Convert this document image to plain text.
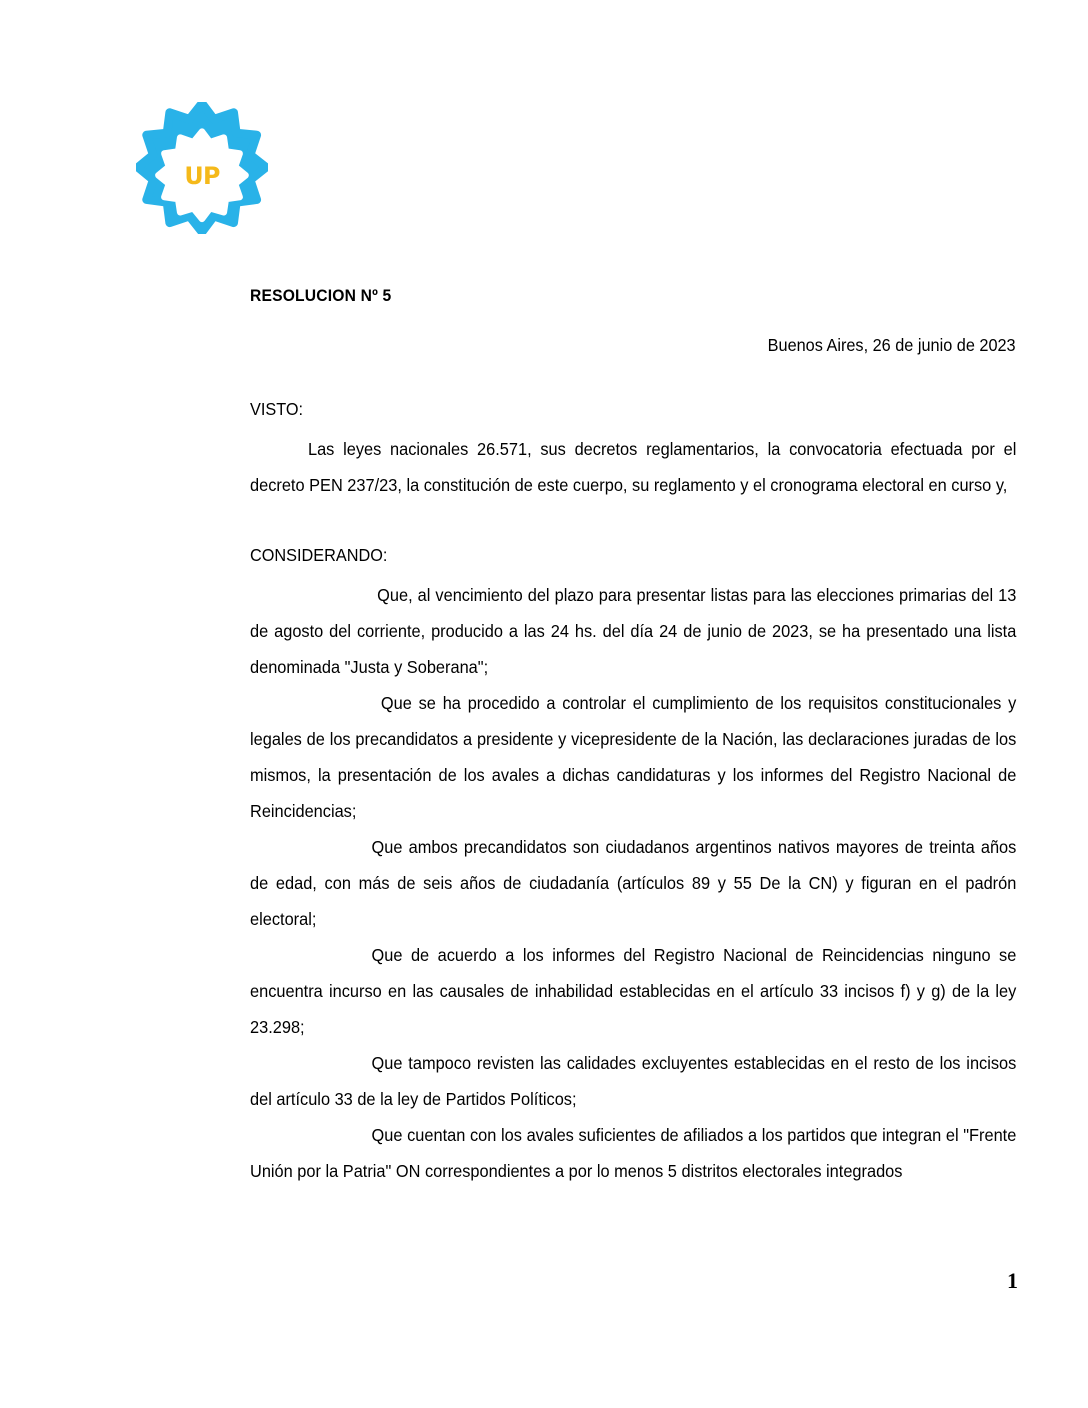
UP
RESOLUCION Nº 5
Buenos Aires, 26 de junio de 2023
VISTO:

Las leyes nacionales 26.571, sus decretos reglamentarios, la convocatoria efectuada por el decreto PEN 237/23, la constitución de este cuerpo, su reglamento y el cronograma electoral en curso y,

CONSIDERANDO:

Que, al vencimiento del plazo para presentar listas para las elecciones primarias del 13 de agosto del corriente, producido a las 24 hs. del día 24 de junio de 2023, se ha presentado una lista denominada "Justa y Soberana";

Que se ha procedido a controlar el cumplimiento de los requisitos constitucionales y legales de los precandidatos a presidente y vicepresidente de la Nación, las declaraciones juradas de los mismos, la presentación de los avales a dichas candidaturas y los informes del Registro Nacional de Reincidencias;

Que ambos precandidatos son ciudadanos argentinos nativos mayores de treinta años de edad, con más de seis años de ciudadanía (artículos 89 y 55 De la CN) y figuran en el padrón electoral;

Que de acuerdo a los informes del Registro Nacional de Reincidencias ninguno se encuentra incurso en las causales de inhabilidad establecidas en el artículo 33 incisos f) y g) de la ley 23.298;

Que tampoco revisten las calidades excluyentes establecidas en el resto de los incisos del artículo 33 de la ley de Partidos Políticos;

Que cuentan con los avales suficientes de afiliados a los partidos que integran el "Frente Unión por la Patria" ON correspondientes a por lo menos 5 distritos electorales integrados

1
